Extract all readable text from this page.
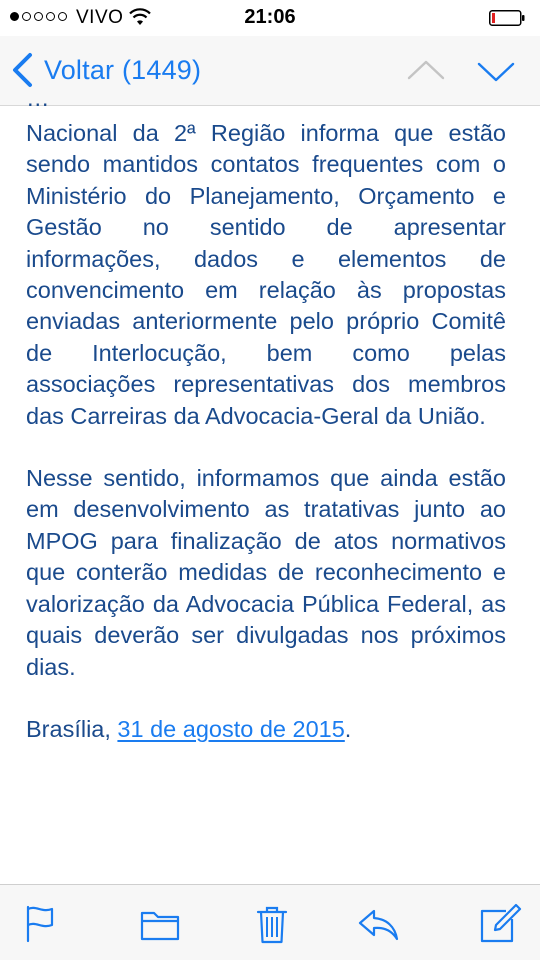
VIVO	21:06
Voltar (1449)
…

Nacional da 2ª Região informa que estão sendo mantidos contatos frequentes com o Ministério do Planejamento, Orçamento e Gestão no sentido de apresentar informações, dados e elementos de convencimento em relação às propostas enviadas anteriormente pelo próprio Comitê de Interlocução, bem como pelas associações representativas dos membros das Carreiras da Advocacia-Geral da União.

Nesse sentido, informamos que ainda estão em desenvolvimento as tratativas junto ao MPOG para finalização de atos normativos que conterão medidas de reconhecimento e valorização da Advocacia Pública Federal, as quais deverão ser divulgadas nos próximos dias.

Brasília, 31 de agosto de 2015.
